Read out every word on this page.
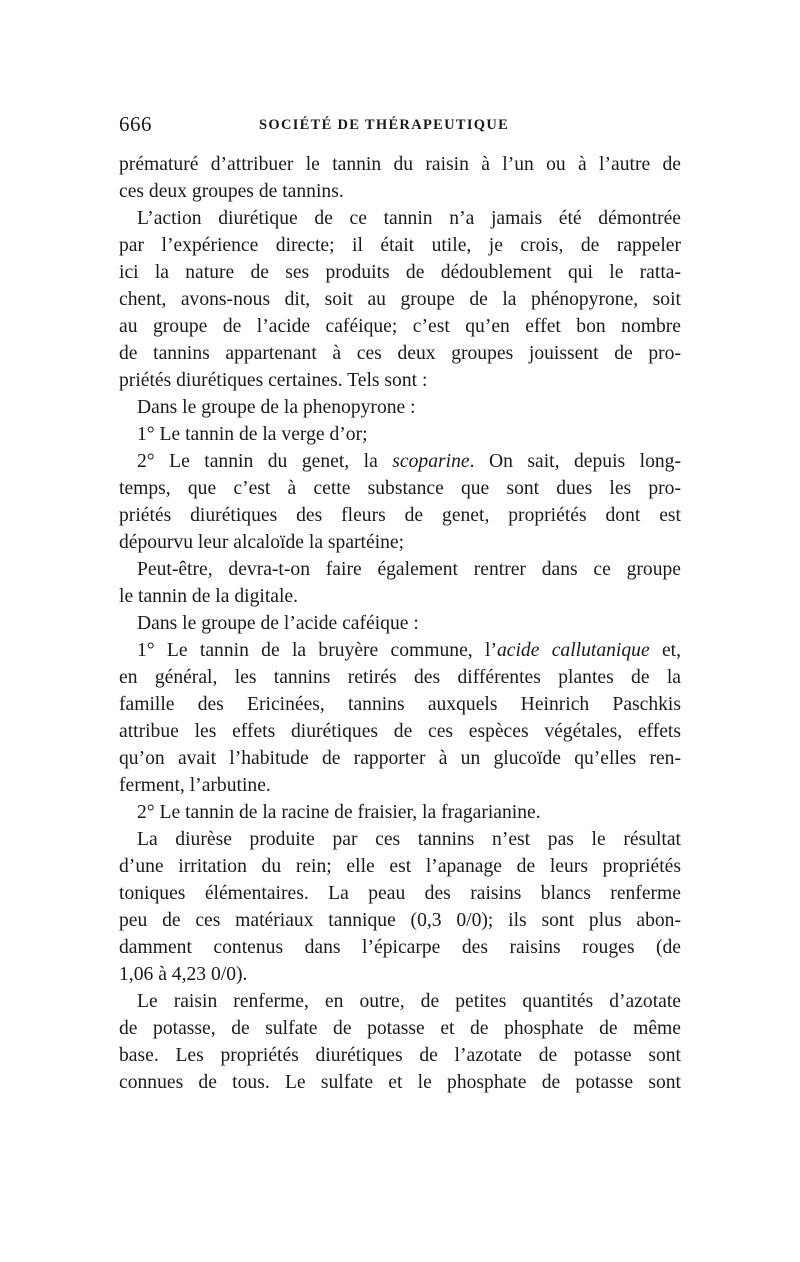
666	SOCIÉTÉ DE THÉRAPEUTIQUE
prématuré d’attribuer le tannin du raisin à l’un ou à l’autre de
ces deux groupes de tannins.
L’action diurétique de ce tannin n’a jamais été démontrée
par l’expérience directe; il était utile, je crois, de rappeler
ici la nature de ses produits de dédoublement qui le ratta-
chent, avons-nous dit, soit au groupe de la phénopyrone, soit
au groupe de l’acide caféique; c’est qu’en effet bon nombre
de tannins appartenant à ces deux groupes jouissent de pro-
priétés diurétiques certaines. Tels sont :
Dans le groupe de la phenopyrone :
1° Le tannin de la verge d’or;
2° Le tannin du genet, la scoparine. On sait, depuis long-
temps, que c’est à cette substance que sont dues les pro-
priétés diurétiques des fleurs de genet, propriétés dont est
dépourvu leur alcaloïde la spartéine;
Peut-être, devra-t-on faire également rentrer dans ce groupe
le tannin de la digitale.
Dans le groupe de l’acide caféique :
1° Le tannin de la bruyère commune, l’acide callutanique et,
en général, les tannins retirés des différentes plantes de la
famille des Ericinées, tannins auxquels Heinrich Paschkis
attribue les effets diurétiques de ces espèces végétales, effets
qu’on avait l’habitude de rapporter à un glucoïde qu’elles ren-
ferment, l’arbutine.
2° Le tannin de la racine de fraisier, la fragarianine.
La diurèse produite par ces tannins n’est pas le résultat
d’une irritation du rein; elle est l’apanage de leurs propriétés
toniques élémentaires. La peau des raisins blancs renferme
peu de ces matériaux tannique (0,3 0/0); ils sont plus abon-
damment contenus dans l’épicarpe des raisins rouges (de
1,06 à 4,23 0/0).
Le raisin renferme, en outre, de petites quantités d’azotate
de potasse, de sulfate de potasse et de phosphate de même
base. Les propriétés diurétiques de l’azotate de potasse sont
connues de tous. Le sulfate et le phosphate de potasse sont
